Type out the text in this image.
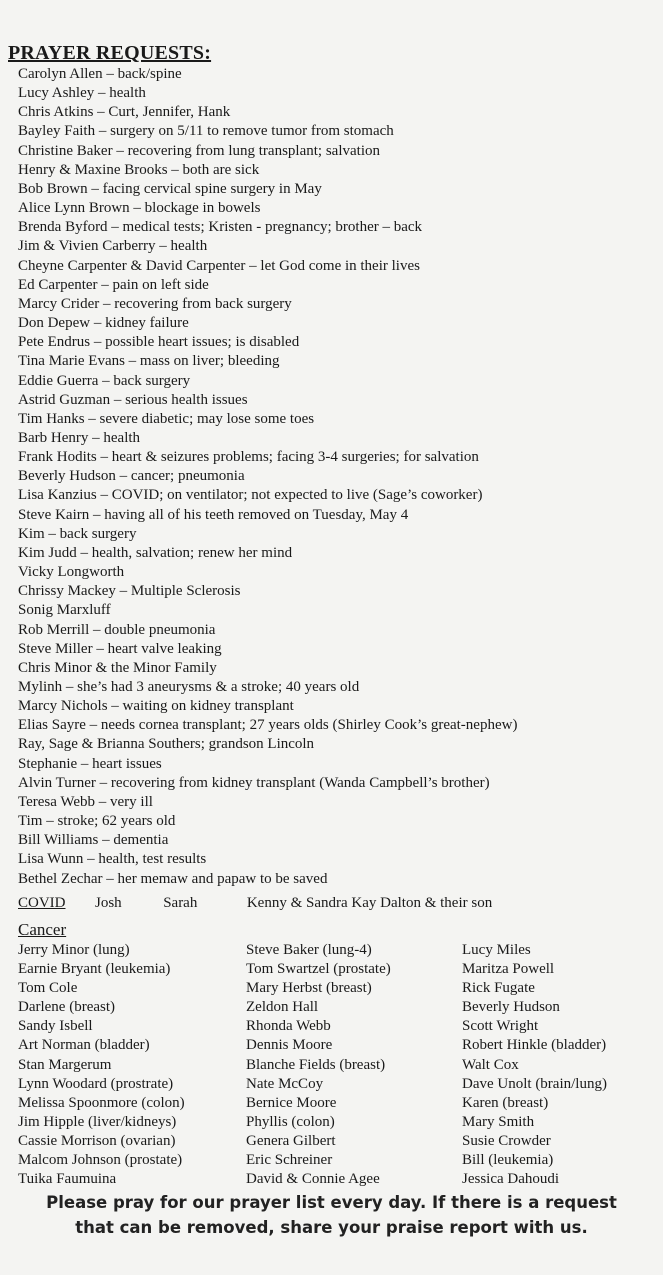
PRAYER REQUESTS:
Carolyn Allen – back/spine
Lucy Ashley – health
Chris Atkins – Curt, Jennifer, Hank
Bayley Faith – surgery on 5/11 to remove tumor from stomach
Christine Baker – recovering from lung transplant; salvation
Henry & Maxine Brooks – both are sick
Bob Brown – facing cervical spine surgery in May
Alice Lynn Brown – blockage in bowels
Brenda Byford – medical tests; Kristen - pregnancy; brother – back
Jim & Vivien Carberry – health
Cheyne Carpenter & David Carpenter – let God come in their lives
Ed Carpenter – pain on left side
Marcy Crider – recovering from back surgery
Don Depew – kidney failure
Pete Endrus – possible heart issues; is disabled
Tina Marie Evans – mass on liver; bleeding
Eddie Guerra – back surgery
Astrid Guzman – serious health issues
Tim Hanks – severe diabetic; may lose some toes
Barb Henry – health
Frank Hodits – heart & seizures problems; facing 3-4 surgeries; for salvation
Beverly Hudson – cancer; pneumonia
Lisa Kanzius – COVID; on ventilator; not expected to live (Sage’s coworker)
Steve Kairn – having all of his teeth removed on Tuesday, May 4
Kim – back surgery
Kim Judd – health, salvation; renew her mind
Vicky Longworth
Chrissy Mackey – Multiple Sclerosis
Sonig Marxluff
Rob Merrill – double pneumonia
Steve Miller – heart valve leaking
Chris Minor & the Minor Family
Mylinh – she’s had 3 aneurysms & a stroke; 40 years old
Marcy Nichols – waiting on kidney transplant
Elias Sayre – needs cornea transplant; 27 years olds (Shirley Cook’s great-nephew)
Ray, Sage & Brianna Southers; grandson Lincoln
Stephanie – heart issues
Alvin Turner – recovering from kidney transplant (Wanda Campbell’s brother)
Teresa Webb – very ill
Tim – stroke; 62 years old
Bill Williams – dementia
Lisa Wunn – health, test results
Bethel Zechar – her memaw and papaw to be saved
COVID Josh	Sarah	Kenny & Sandra Kay Dalton & their son
Cancer
Jerry Minor (lung)
Earnie Bryant (leukemia)
Tom Cole
Darlene (breast)
Sandy Isbell
Art Norman (bladder)
Stan Margerum
Lynn Woodard (prostrate)
Melissa Spoonmore (colon)
Jim Hipple (liver/kidneys)
Cassie Morrison (ovarian)
Malcom Johnson (prostate)
Tuika Faumuina
Steve Baker (lung-4)
Tom Swartzel (prostate)
Mary Herbst (breast)
Zeldon Hall
Rhonda Webb
Dennis Moore
Blanche Fields (breast)
Nate McCoy
Bernice Moore
Phyllis (colon)
Genera Gilbert
Eric Schreiner
David & Connie Agee
Lucy Miles
Maritza Powell
Rick Fugate
Beverly Hudson
Scott Wright
Robert Hinkle (bladder)
Walt Cox
Dave Unolt (brain/lung)
Karen (breast)
Mary Smith
Susie Crowder
Bill (leukemia)
Jessica Dahoudi
Please pray for our prayer list every day. If there is a request
that can be removed, share your praise report with us.
